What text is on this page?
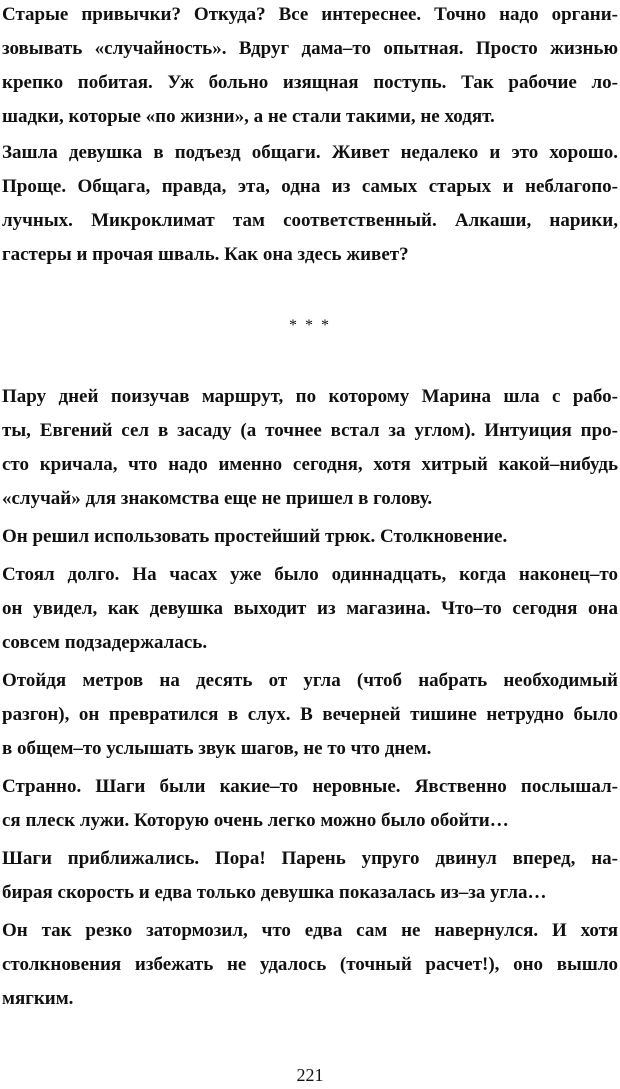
Старые привычки? Откуда? Все интереснее. Точно надо органи-
зовывать «случайность». Вдруг дама–то опытная. Просто жизнью
крепко побитая. Уж больно изящная поступь. Так рабочие ло-
шадки, которые «по жизни», а не стали такими, не ходят.
Зашла девушка в подъезд общаги. Живет недалеко и это хорошо.
Проще. Общага, правда, эта, одна из самых старых и неблагопо-
лучных. Микроклимат там соответственный. Алкаши, нарики,
гастеры и прочая шваль. Как она здесь живет?
* * *
Пару дней поизучав маршрут, по которому Марина шла с рабо-
ты, Евгений сел в засаду (а точнее встал за углом). Интуиция про-
сто кричала, что надо именно сегодня, хотя хитрый какой–нибудь
«случай» для знакомства еще не пришел в голову.
Он решил использовать простейший трюк. Столкновение.
Стоял долго. На часах уже было одиннадцать, когда наконец–то
он увидел, как девушка выходит из магазина. Что–то сегодня она
совсем подзадержалась.
Отойдя метров на десять от угла (чтоб набрать необходимый
разгон), он превратился в слух. В вечерней тишине нетрудно было
в общем–то услышать звук шагов, не то что днем.
Странно. Шаги были какие–то неровные. Явственно послышал-
ся плеск лужи. Которую очень легко можно было обойти…
Шаги приближались. Пора! Парень упруго двинул вперед, на-
бирая скорость и едва только девушка показалась из–за угла…
Он так резко затормозил, что едва сам не навернулся. И хотя
столкновения избежать не удалось (точный расчет!), оно вышло
мягким.
221
